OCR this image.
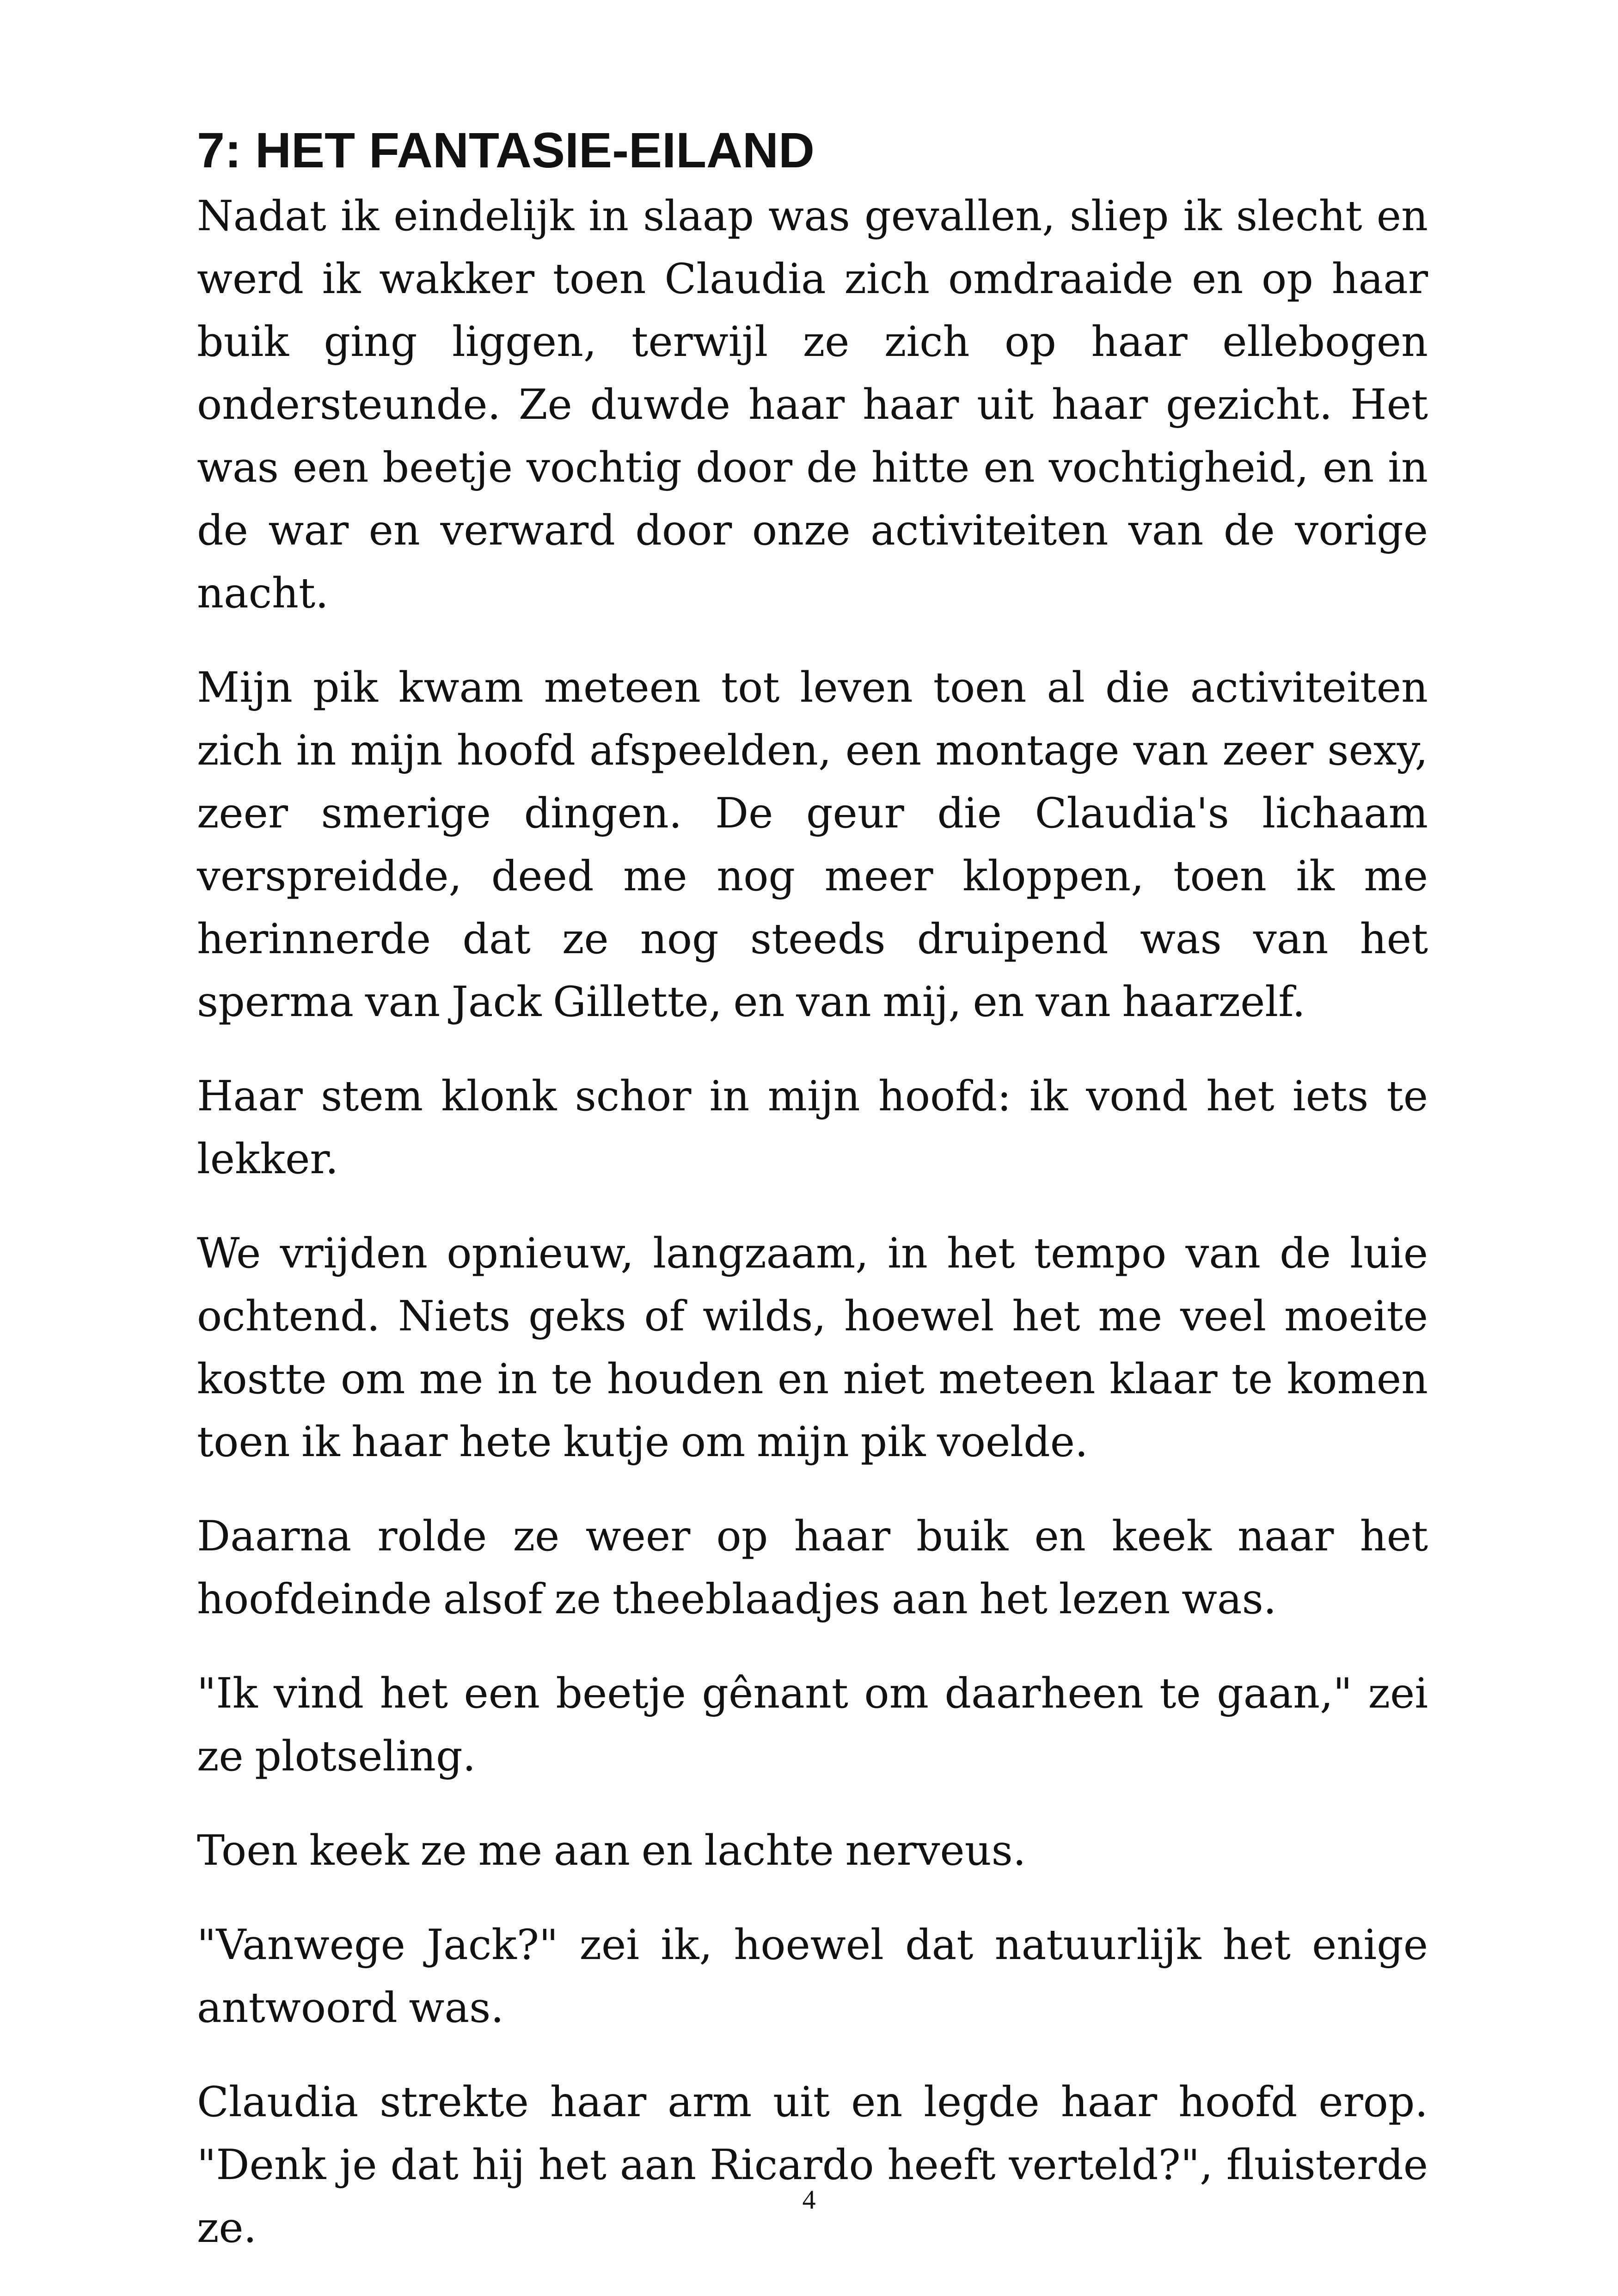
7: HET FANTASIE-EILAND

Nadat ik eindelijk in slaap was gevallen, sliep ik slecht en werd ik wakker toen Claudia zich omdraaide en op haar buik ging liggen, terwijl ze zich op haar ellebogen ondersteunde. Ze duwde haar haar uit haar gezicht. Het was een beetje vochtig door de hitte en vochtigheid, en in de war en verward door onze activiteiten van de vorige nacht.

Mijn pik kwam meteen tot leven toen al die activiteiten zich in mijn hoofd afspeelden, een montage van zeer sexy, zeer smerige dingen. De geur die Claudia's lichaam verspreidde, deed me nog meer kloppen, toen ik me herinnerde dat ze nog steeds druipend was van het sperma van Jack Gillette, en van mij, en van haarzelf.

Haar stem klonk schor in mijn hoofd: ik vond het iets te lekker.

We vrijden opnieuw, langzaam, in het tempo van de luie ochtend. Niets geks of wilds, hoewel het me veel moeite kostte om me in te houden en niet meteen klaar te komen toen ik haar hete kutje om mijn pik voelde.

Daarna rolde ze weer op haar buik en keek naar het hoofdeinde alsof ze theeblaadjes aan het lezen was.

"Ik vind het een beetje gênant om daarheen te gaan," zei ze plotseling.

Toen keek ze me aan en lachte nerveus.

"Vanwege Jack?" zei ik, hoewel dat natuurlijk het enige antwoord was.

Claudia strekte haar arm uit en legde haar hoofd erop. "Denk je dat hij het aan Ricardo heeft verteld?", fluisterde ze.

4
